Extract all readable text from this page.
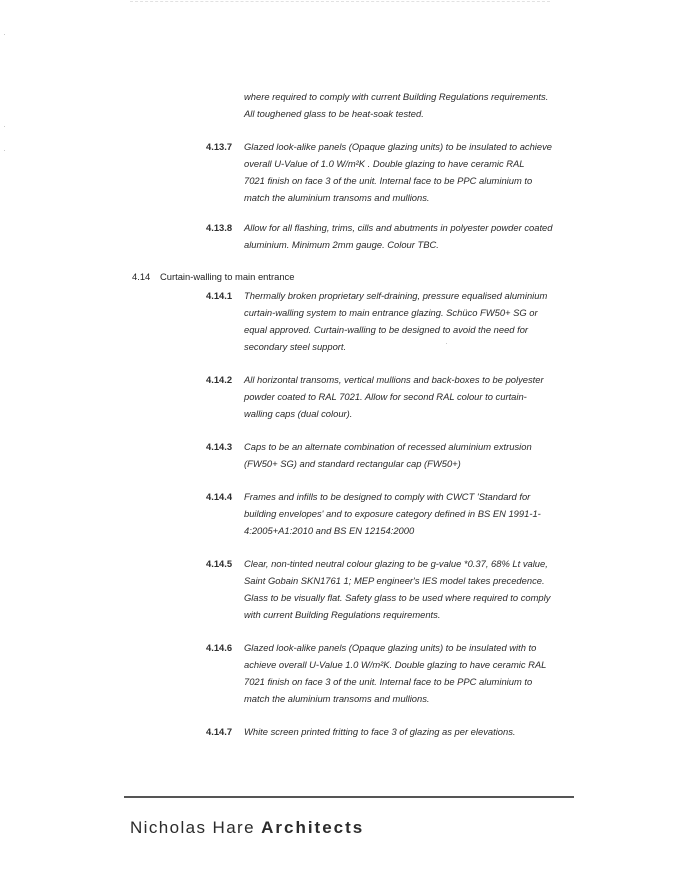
where required to comply with current Building Regulations requirements.
All toughened glass to be heat-soak tested.
4.13.7	Glazed look-alike panels (Opaque glazing units) to be insulated to achieve
overall U-Value of 1.0 W/m²K . Double glazing to have ceramic RAL
7021 finish on face 3 of the unit. Internal face to be PPC aluminium to
match the aluminium transoms and mullions.
4.13.8	Allow for all flashing, trims, cills and abutments in polyester powder coated
aluminium. Minimum 2mm gauge. Colour TBC.
4.14 Curtain-walling to main entrance
4.14.1	Thermally broken proprietary self-draining, pressure equalised aluminium
curtain-walling system to main entrance glazing. Schüco FW50+ SG or
equal approved. Curtain-walling to be designed to avoid the need for
secondary steel support.
4.14.2	All horizontal transoms, vertical mullions and back-boxes to be polyester
powder coated to RAL 7021. Allow for second RAL colour to curtain-
walling caps (dual colour).
4.14.3	Caps to be an alternate combination of recessed aluminium extrusion
(FW50+ SG) and standard rectangular cap (FW50+)
4.14.4	Frames and infills to be designed to comply with CWCT 'Standard for
building envelopes' and to exposure category defined in BS EN 1991-1-
4:2005+A1:2010 and BS EN 12154:2000
4.14.5	Clear, non-tinted neutral colour glazing to be g-value *0.37, 68% Lt value,
Saint Gobain SKN1761 1; MEP engineer's IES model takes precedence.
Glass to be visually flat. Safety glass to be used where required to comply
with current Building Regulations requirements.
4.14.6	Glazed look-alike panels (Opaque glazing units) to be insulated with to
achieve overall U-Value 1.0 W/m²K. Double glazing to have ceramic RAL
7021 finish on face 3 of the unit. Internal face to be PPC aluminium to
match the aluminium transoms and mullions.
4.14.7	White screen printed fritting to face 3 of glazing as per elevations.
Nicholas Hare Architects
